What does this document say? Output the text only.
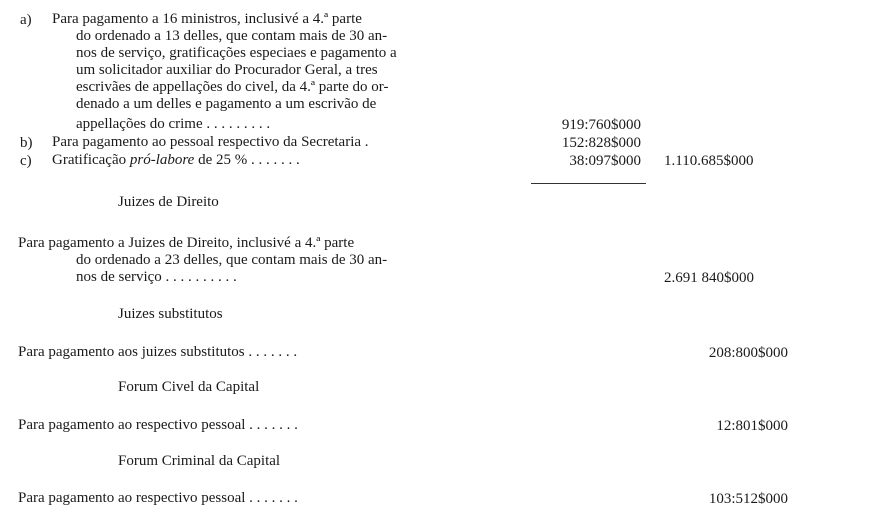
a) Para pagamento a 16 ministros, inclusivé a 4.ª parte
do ordenado a 13 delles, que contam mais de 30 an-
nos de serviço, gratificações especiaes e pagamento a
um solicitador auxiliar do Procurador Geral, a tres
escrivães de appellações do civel, da 4.ª parte do or-
denado a um delles e pagamento a um escrivão de
appellações do crime . . . . . . . . .	919:760$000
b) Para pagamento ao pessoal respectivo da Secretaria .	152:828$000
c) Gratificação pró-labore de 25 % . . . . . . .	38:097$000 1.110.685$000
Juizes de Direito
Para pagamento a Juizes de Direito, inclusivé a 4.ª parte
do ordenado a 23 delles, que contam mais de 30 an-
nos de serviço . . . . . . . . . .	2.691 840$000
Juizes substitutos
Para pagamento aos juizes substitutos . . . . . . .	208:800$000
Forum Civel da Capital
Para pagamento ao respectivo pessoal . . . . . . .	12:801$000
Forum Criminal da Capital
Para pagamento ao respectivo pessoal . . . . . . .	103:512$000
